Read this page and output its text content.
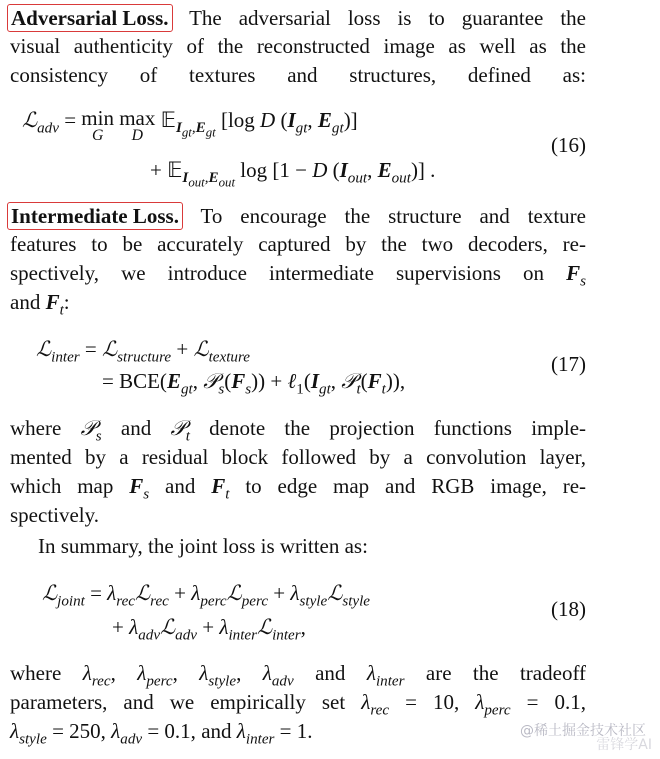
Adversarial Loss. The adversarial loss is to guarantee the
visual authenticity of the reconstructed image as well as the
consistency of textures and structures, defined as:
ℒ$_{adv}$ = min
G
max
D
𝔼$_{I_{gt},E_{gt}}$ [log D ($I_{gt}$, $E_{gt}$)]
(16)
+ 𝔼$_{I_{out},E_{out}}$ log [1 − D ($I_{out}$, $E_{out}$)] .
Intermediate Loss. To encourage the structure and texture
features to be accurately captured by the two decoders, re-
spectively, we introduce intermediate supervisions on $F_s$
and $F_t$:
ℒ$_{inter}$ = ℒ$_{structure}$ + ℒ$_{texture}$	(17)
= $BCE(E_{gt}$, $𝒫_s(F_s)$) + $\ell_1(I_{gt}$, $𝒫_t(F_t)$),
where 𝒫$_s$ and 𝒫$_t$ denote the projection functions imple-
mented by a residual block followed by a convolution layer,
which map $F_s$ and $F_t$ to edge map and RGB image, re-
spectively.
In summary, the joint loss is written as:
ℒ$_{joint}$ = $\lambda_{rec}ℒ_{rec}$ + $\lambda_{perc}ℒ_{perc}$ + $\lambda_{style}ℒ_{style}$	(18)
+ $\lambda_{adv}ℒ_{adv}$ + $\lambda_{inter}ℒ_{inter}$,
where $\lambda_{rec}$, $\lambda_{perc}$, $\lambda_{style}$, $\lambda_{adv}$ and $\lambda_{inter}$ are the tradeoff
parameters, and we empirically set $\lambda_{rec} = 10$, $\lambda_{perc} = 0.1$,
$\lambda_{style} = 250$, $\lambda_{adv} = 0.1$, and $\lambda_{inter} = 1$.	@稀土掘金技术社区
雷锋学AI
